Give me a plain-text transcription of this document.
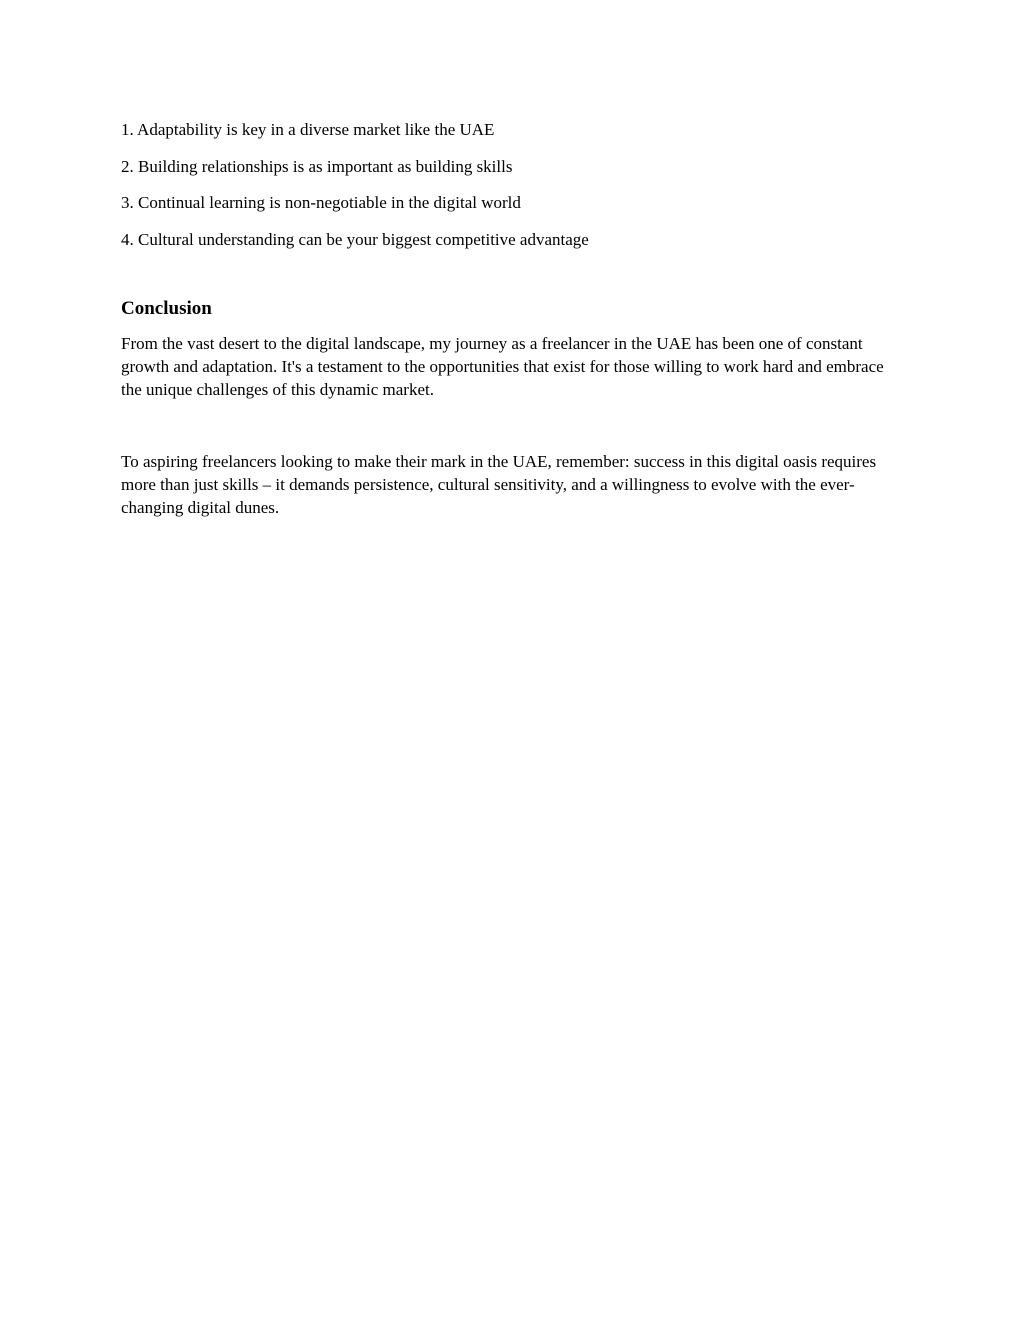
1. Adaptability is key in a diverse market like the UAE
2. Building relationships is as important as building skills
3. Continual learning is non-negotiable in the digital world
4. Cultural understanding can be your biggest competitive advantage
Conclusion

From the vast desert to the digital landscape, my journey as a freelancer in the UAE has been one of constant growth and adaptation. It's a testament to the opportunities that exist for those willing to work hard and embrace the unique challenges of this dynamic market.

To aspiring freelancers looking to make their mark in the UAE, remember: success in this digital oasis requires more than just skills – it demands persistence, cultural sensitivity, and a willingness to evolve with the ever-changing digital dunes.
